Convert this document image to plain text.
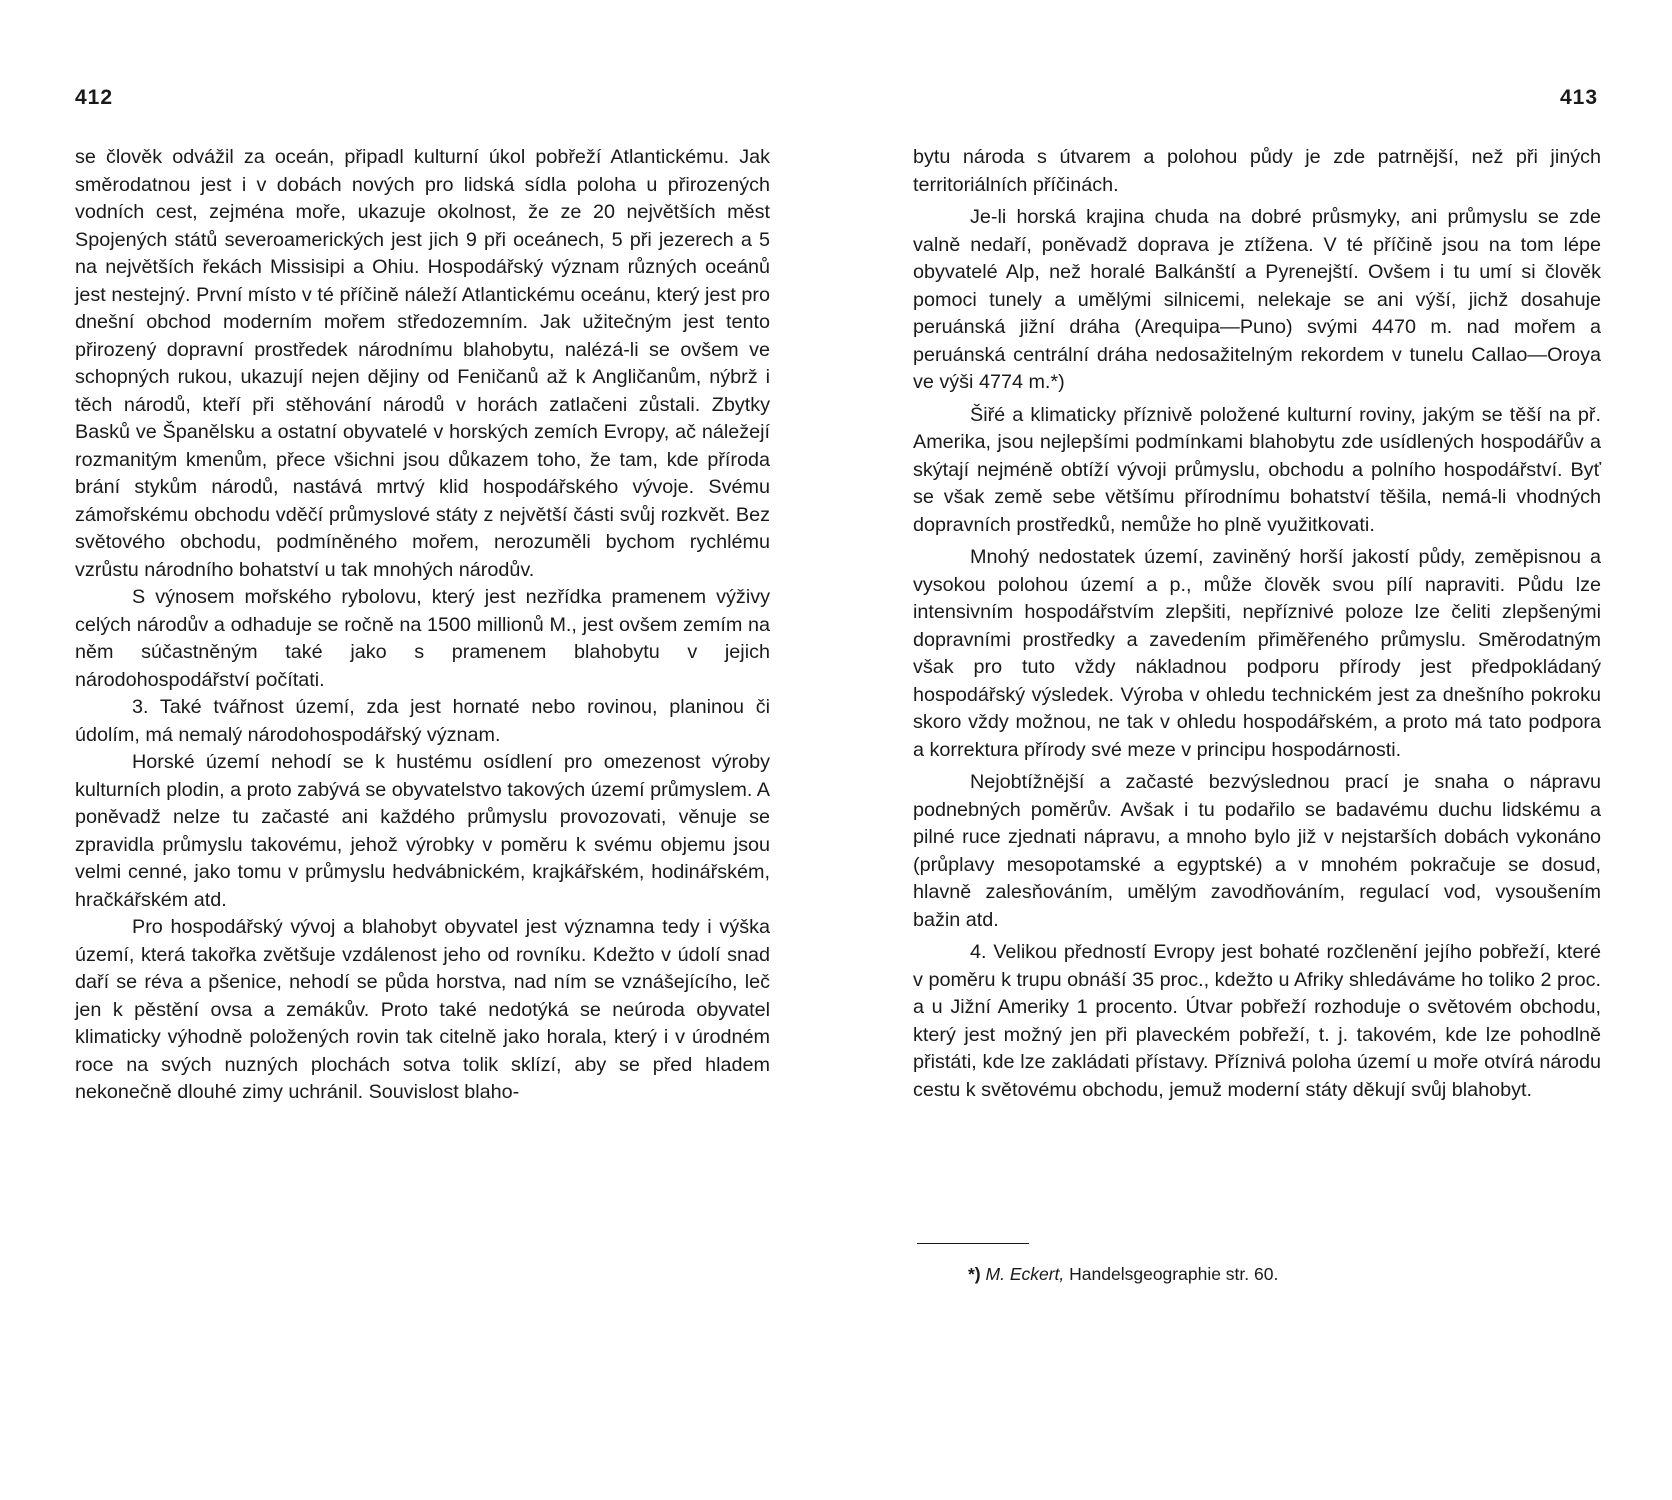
412	413

se člověk odvážil za oceán, připadl kulturní úkol pobřeží Atlantickému. Jak směrodatnou jest i v dobách nových pro lidská sídla poloha u přirozených vodních cest, zejména moře, ukazuje okolnost, že ze 20 největších měst Spojených států severoamerických jest jich 9 při oceánech, 5 při jezerech a 5 na největších řekách Missisipi a Ohiu. Hospodářský význam různých oceánů jest nestejný. První místo v té příčině náleží Atlantickému oceánu, který jest pro dnešní obchod moderním mořem středozemním. Jak užitečným jest tento přirozený dopravní prostředek národnímu blahobytu, nalézá-li se ovšem ve schopných rukou, ukazují nejen dějiny od Feničanů až k Angličanům, nýbrž i těch národů, kteří při stěhování národů v horách zatlačeni zůstali. Zbytky Basků ve Španělsku a ostatní obyvatelé v horských zemích Evropy, ač náležejí rozmanitým kmenům, přece všichni jsou důkazem toho, že tam, kde příroda brání stykům národů, nastává mrtvý klid hospodářského vývoje. Svému zámořskému obchodu vděčí průmyslové státy z největší části svůj rozkvět. Bez světového obchodu, podmíněného mořem, nerozuměli bychom rychlému vzrůstu národního bohatství u tak mnohých národův.

S výnosem mořského rybolovu, který jest nezřídka pramenem výživy celých národův a odhaduje se ročně na 1500 millionů M., jest ovšem zemím na něm súčastněným také jako s pramenem blahobytu v jejich národohospodářství počítati.

3. Také tvářnost území, zda jest hornaté nebo rovinou, planinou či údolím, má nemalý národohospodářský význam.

Horské území nehodí se k hustému osídlení pro omezenost výroby kulturních plodin, a proto zabývá se obyvatelstvo takových území průmyslem. A poněvadž nelze tu začasté ani každého průmyslu provozovati, věnuje se zpravidla průmyslu takovému, jehož výrobky v poměru k svému objemu jsou velmi cenné, jako tomu v průmyslu hedvábnickém, krajkářském, hodinářském, hračkářském atd.

Pro hospodářský vývoj a blahobyt obyvatel jest významna tedy i výška území, která takořka zvětšuje vzdálenost jeho od rovníku. Kdežto v údolí snad daří se réva a pšenice, nehodí se půda horstva, nad ním se vznášejícího, leč jen k pěstění ovsa a zemákův. Proto také nedotýká se neúroda obyvatel klimaticky výhodně položených rovin tak citelně jako horala, který i v úrodném roce na svých nuzných plochách sotva tolik sklízí, aby se před hladem nekonečně dlouhé zimy uchránil. Souvislost blaho-

bytu národa s útvarem a polohou půdy je zde patrnější, než při jiných territoriálních příčinách.

Je-li horská krajina chuda na dobré průsmyky, ani průmyslu se zde valně nedaří, poněvadž doprava je ztížena. V té příčině jsou na tom lépe obyvatelé Alp, než horalé Balkánští a Pyrenejští. Ovšem i tu umí si člověk pomoci tunely a umělými silnicemi, nelekaje se ani výší, jichž dosahuje peruánská jižní dráha (Arequipa—Puno) svými 4470 m. nad mořem a peruánská centrální dráha nedosažitelným rekordem v tunelu Callao—Oroya ve výši 4774 m.*)

Šiřé a klimaticky příznivě položené kulturní roviny, jakým se těší na př. Amerika, jsou nejlepšími podmínkami blahobytu zde usídlených hospodářův a skýtají nejméně obtíží vývoji průmyslu, obchodu a polního hospodářství. Byť se však země sebe většímu přírodnímu bohatství těšila, nemá-li vhodných dopravních prostředků, nemůže ho plně využitkovati.

Mnohý nedostatek území, zaviněný horší jakostí půdy, zeměpisnou a vysokou polohou území a p., může člověk svou pílí napraviti. Půdu lze intensivním hospodářstvím zlepšiti, nepříznivé poloze lze čeliti zlepšenými dopravními prostředky a zavedením přiměřeného průmyslu. Směrodatným však pro tuto vždy nákladnou podporu přírody jest předpokládaný hospodářský výsledek. Výroba v ohledu technickém jest za dnešního pokroku skoro vždy možnou, ne tak v ohledu hospodářském, a proto má tato podpora a korrektura přírody své meze v principu hospodárnosti.

Nejobtížnější a začasté bezvýslednou prací je snaha o nápravu podnebných poměrův. Avšak i tu podařilo se badavému duchu lidskému a pilné ruce zjednati nápravu, a mnoho bylo již v nejstarších dobách vykonáno (průplavy mesopotamské a egyptské) a v mnohém pokračuje se dosud, hlavně zalesňováním, umělým zavodňováním, regulací vod, vysoušením bažin atd.

4. Velikou předností Evropy jest bohaté rozčlenění jejího pobřeží, které v poměru k trupu obnáší 35 proc., kdežto u Afriky shledáváme ho toliko 2 proc. a u Jižní Ameriky 1 procento. Útvar pobřeží rozhoduje o světovém obchodu, který jest možný jen při plaveckém pobřeží, t. j. takovém, kde lze pohodlně přistáti, kde lze zakládati přístavy. Příznivá poloha území u moře otvírá národu cestu k světovému obchodu, jemuž moderní státy děkují svůj blahobyt.

*) M. Eckert, Handelsgeographie str. 60.
